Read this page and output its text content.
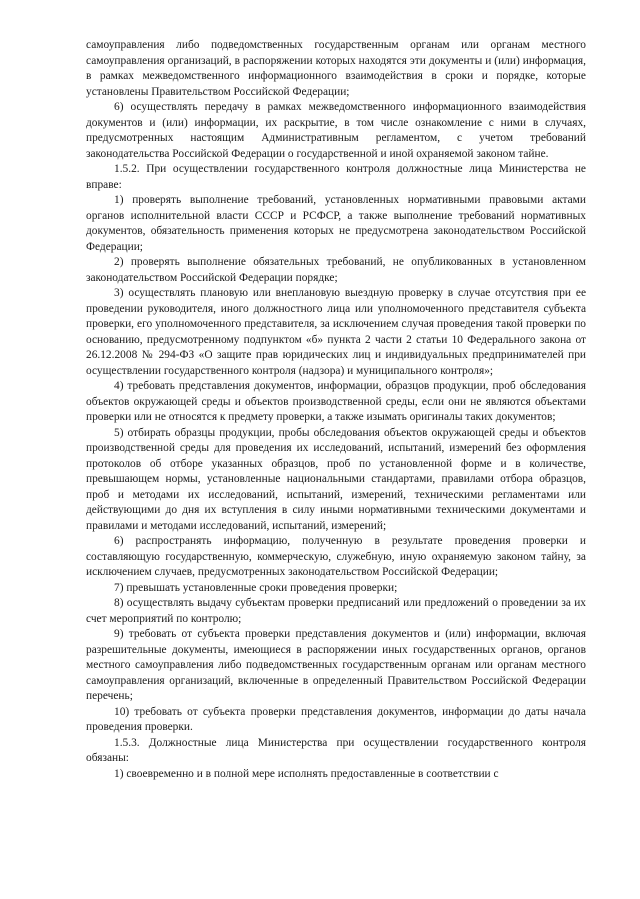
самоуправления либо подведомственных государственным органам или органам местного самоуправления организаций, в распоряжении которых находятся эти документы и (или) информация, в рамках межведомственного информационного взаимодействия в сроки и порядке, которые установлены Правительством Российской Федерации;

6) осуществлять передачу в рамках межведомственного информационного взаимодействия документов и (или) информации, их раскрытие, в том числе ознакомление с ними в случаях, предусмотренных настоящим Административным регламентом, с учетом требований законодательства Российской Федерации о государственной и иной охраняемой законом тайне.

1.5.2. При осуществлении государственного контроля должностные лица Министерства не вправе:

1) проверять выполнение требований, установленных нормативными правовыми актами органов исполнительной власти СССР и РСФСР, а также выполнение требований нормативных документов, обязательность применения которых не предусмотрена законодательством Российской Федерации;

2) проверять выполнение обязательных требований, не опубликованных в установленном законодательством Российской Федерации порядке;

3) осуществлять плановую или внеплановую выездную проверку в случае отсутствия при ее проведении руководителя, иного должностного лица или уполномоченного представителя субъекта проверки, его уполномоченного представителя, за исключением случая проведения такой проверки по основанию, предусмотренному подпунктом «б» пункта 2 части 2 статьи 10 Федерального закона от 26.12.2008 № 294-ФЗ «О защите прав юридических лиц и индивидуальных предпринимателей при осуществлении государственного контроля (надзора) и муниципального контроля»;

4) требовать представления документов, информации, образцов продукции, проб обследования объектов окружающей среды и объектов производственной среды, если они не являются объектами проверки или не относятся к предмету проверки, а также изымать оригиналы таких документов;

5) отбирать образцы продукции, пробы обследования объектов окружающей среды и объектов производственной среды для проведения их исследований, испытаний, измерений без оформления протоколов об отборе указанных образцов, проб по установленной форме и в количестве, превышающем нормы, установленные национальными стандартами, правилами отбора образцов, проб и методами их исследований, испытаний, измерений, техническими регламентами или действующими до дня их вступления в силу иными нормативными техническими документами и правилами и методами исследований, испытаний, измерений;

6) распространять информацию, полученную в результате проведения проверки и составляющую государственную, коммерческую, служебную, иную охраняемую законом тайну, за исключением случаев, предусмотренных законодательством Российской Федерации;

7) превышать установленные сроки проведения проверки;

8) осуществлять выдачу субъектам проверки предписаний или предложений о проведении за их счет мероприятий по контролю;

9) требовать от субъекта проверки представления документов и (или) информации, включая разрешительные документы, имеющиеся в распоряжении иных государственных органов, органов местного самоуправления либо подведомственных государственным органам или органам местного самоуправления организаций, включенные в определенный Правительством Российской Федерации перечень;

10) требовать от субъекта проверки представления документов, информации до даты начала проведения проверки.

1.5.3. Должностные лица Министерства при осуществлении государственного контроля обязаны:

1) своевременно и в полной мере исполнять предоставленные в соответствии с
